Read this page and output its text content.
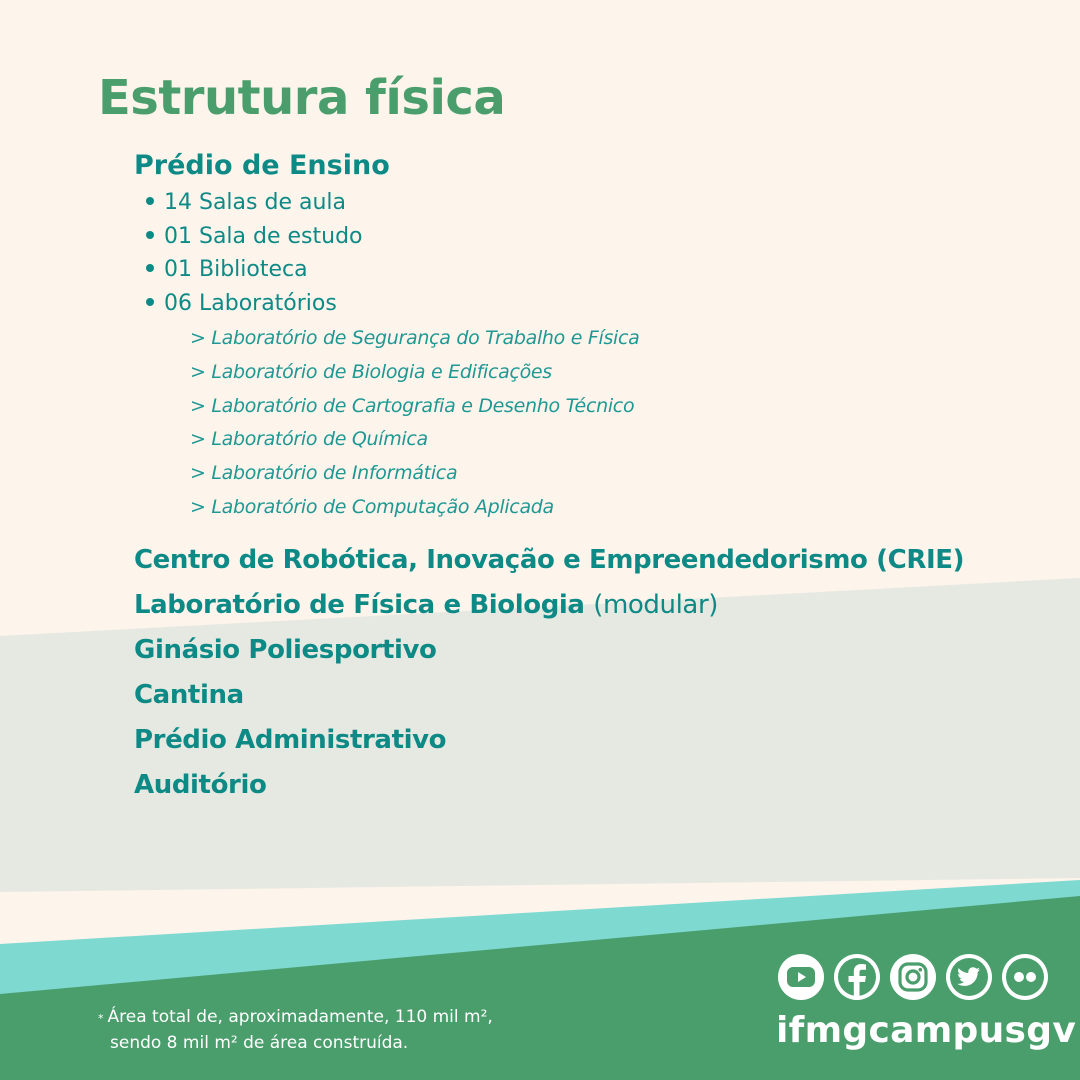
Estrutura física
Prédio de Ensino
14 Salas de aula
01 Sala de estudo
01 Biblioteca
06 Laboratórios
> Laboratório de Segurança do Trabalho e Física
> Laboratório de Biologia e Edificações
> Laboratório de Cartografia e Desenho Técnico
> Laboratório de Química
> Laboratório de Informática
> Laboratório de Computação Aplicada
Centro de Robótica, Inovação e Empreendedorismo (CRIE)
Laboratório de Física e Biologia (modular)
Ginásio Poliesportivo
Cantina
Prédio Administrativo
Auditório
* Área total de, aproximadamente, 110 mil m²,
sendo 8 mil m² de área construída.	ifmgcampusgv
